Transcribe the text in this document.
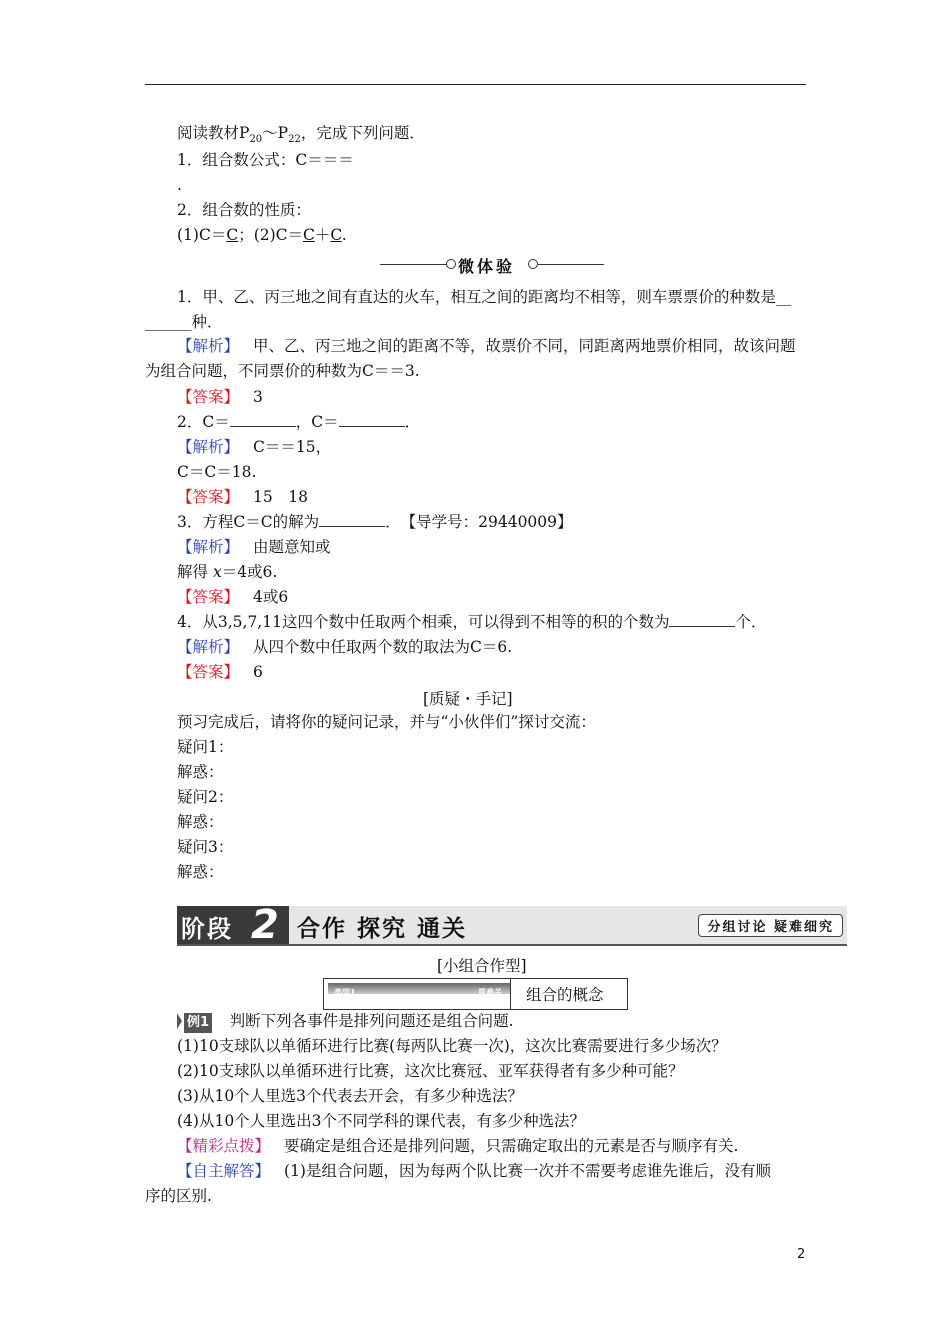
阅读教材$P_{20}\sim P_{22}$，完成下列问题．
1．组合数公式：C＝＝＝
.
2．组合数的性质：
(1)C＝C；(2)C＝C＋C.
微体验
1．甲、乙、丙三地之间有直达的火车，相互之间的距离均不相等，则车票票价的种数是__
______种．
【解析】 甲、乙、丙三地之间的距离不等，故票价不同，同距离两地票价相同，故该问题
为组合问题，不同票价的种数为C＝＝3.
【答案】 3
2．C＝	，C＝	．
【解析】 C＝＝15，
C＝C＝18.
【答案】 15　18
3．方程C＝C的解为	．　 【导学号：29440009】
【解析】 由题意知或
解得 x＝4或6.
【答案】 4或6
4．从3,5,7,11这四个数中任取两个相乘，可以得到不相等的积的个数为	个．
【解析】 从四个数中任取两个数的取法为C＝6.
【答案】 6
[质疑・手记]
预习完成后，请将你的疑问记录，并与“小伙伴们”探讨交流：
疑问1：
解惑：
疑问2：
解惑：
疑问3：
解惑：
阶段 2 合作 探究 通关	分组讨论 疑难细究
[小组合作型]
类型1	重难关 组合的概念
例1　 判断下列各事件是排列问题还是组合问题.
(1)10支球队以单循环进行比赛(每两队比赛一次)，这次比赛需要进行多少场次？
(2)10支球队以单循环进行比赛，这次比赛冠、亚军获得者有多少种可能？
(3)从10个人里选3个代表去开会，有多少种选法？
(4)从10个人里选出3个不同学科的课代表，有多少种选法？
【精彩点拨】 要确定是组合还是排列问题，只需确定取出的元素是否与顺序有关.
【自主解答】 (1)是组合问题，因为每两个队比赛一次并不需要考虑谁先谁后，没有顺
序的区别.
2
